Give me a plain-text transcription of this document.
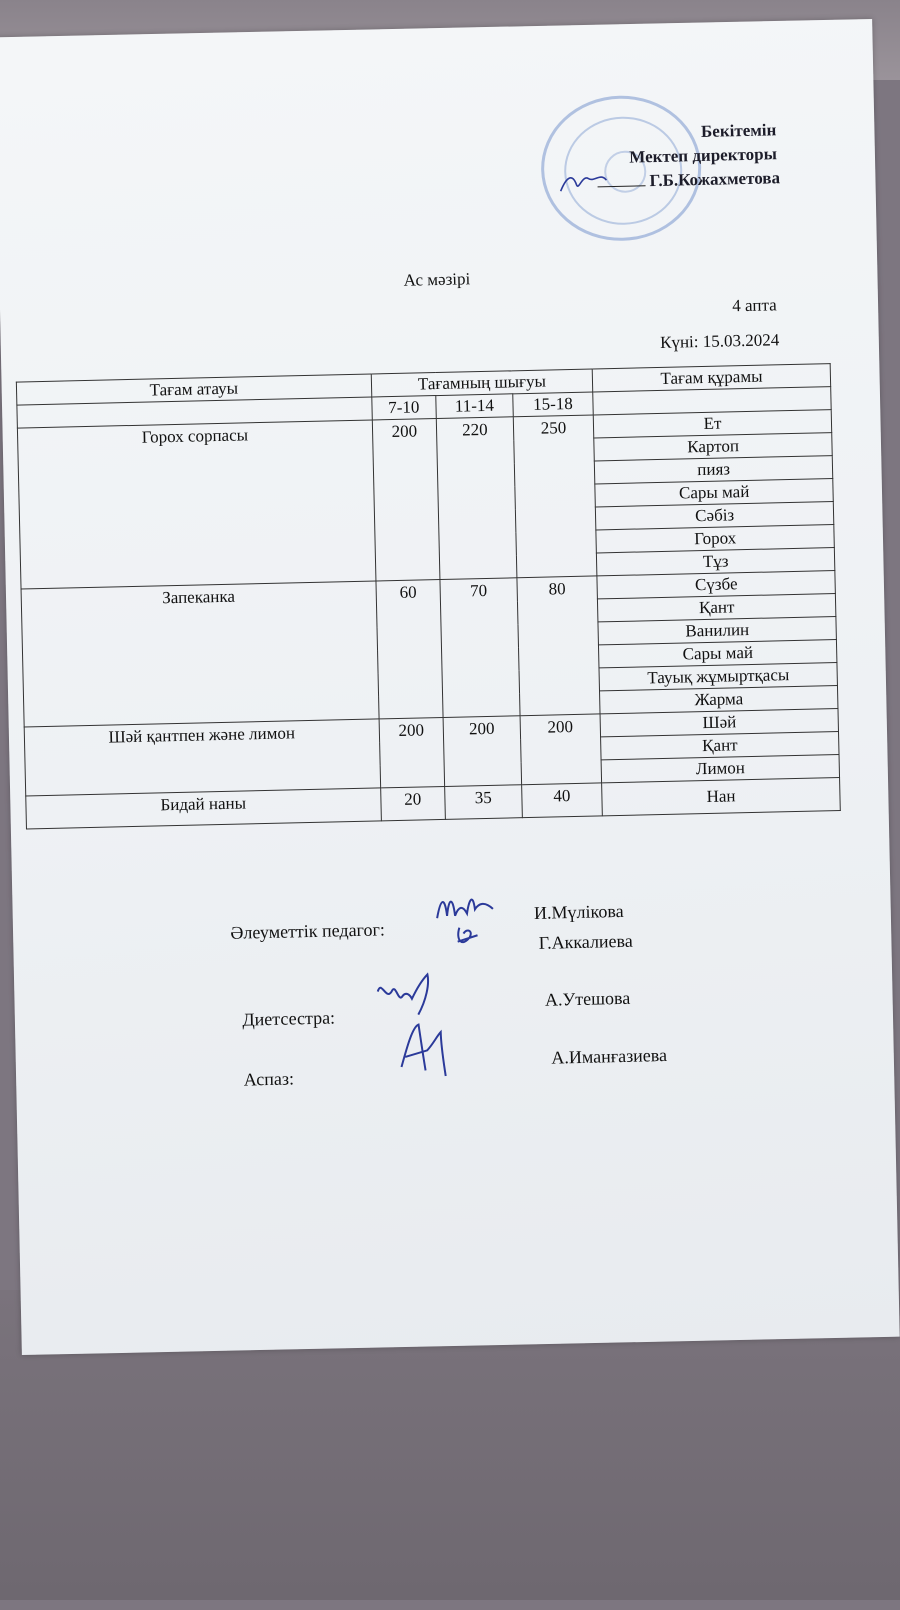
Бекітемін
Мектеп директоры
Г.Б.Кожахметова
Ас мәзірі
4 апта
Күні: 15.03.2024
Тағам атауы	Тағамның шығуы			Тағам құрамы
	7-10	11-14	15-18	
Горох сорпасы	200	220	250	Ет
				Картоп
				пияз
				Сары май
				Сәбіз
				Горох
				Тұз
Запеканка	60	70	80	Сүзбе
				Қант
				Ванилин
				Сары май
				Тауық жұмыртқасы
				Жарма
Шәй қантпен және лимон	200	200	200	Шәй
				Қант
				Лимон
Бидай наны	20	35	40	Нан
Әлеуметтік педагог:
И.Мүлікова
Г.Аккалиева
Диетсестра:
А.Утешова
Аспаз:
А.Иманғазиева
